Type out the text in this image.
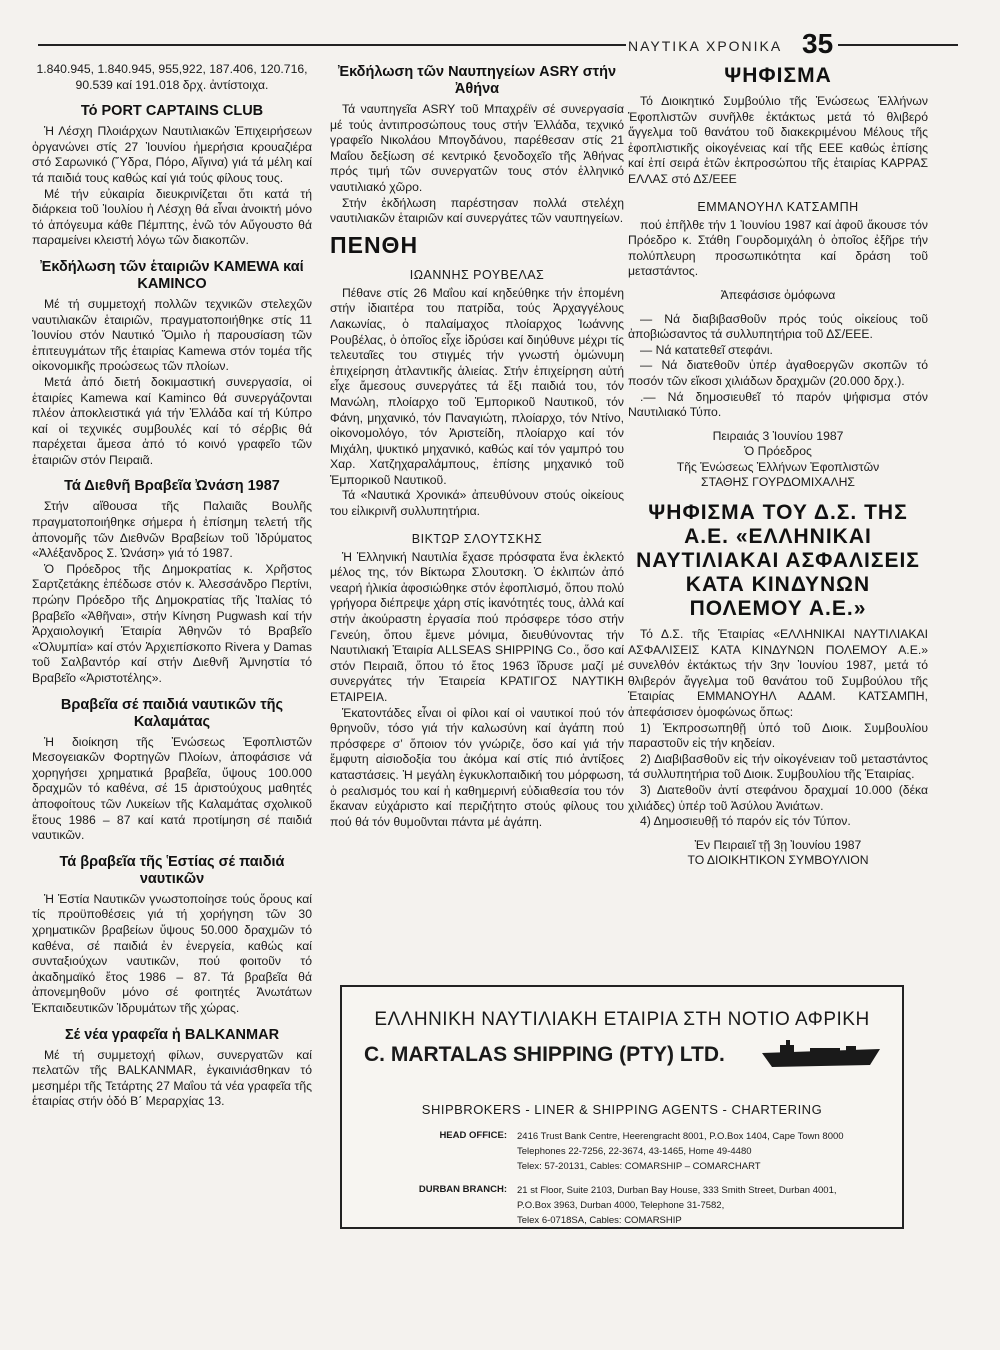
ΝΑΥΤΙΚΑ ΧΡΟΝΙΚΑ 35

1.840.945, 1.840.945, 955,922, 187.406, 120.716, 90.539 καί 191.018 δρχ. ἀντίστοιχα.

Τό PORT CAPTAINS CLUB

Ἡ Λέσχη Πλοιάρχων Ναυτιλιακῶν Ἐπιχειρήσεων ὀργανώνει στίς 27 Ἰουνίου ἡμερήσια κρουαζιέρα στό Σαρωνικό (Ὕδρα, Πόρο, Αἴγινα) γιά τά μέλη καί τά παιδιά τους καθώς καί γιά τούς φίλους τους.

Μέ τήν εὐκαιρία διευκρινίζεται ὅτι κατά τή διάρκεια τοῦ Ἰουλίου ἡ Λέσχη θά εἶναι ἀνοικτή μόνο τό ἀπόγευμα κάθε Πέμπτης, ἐνῶ τόν Αὔγουστο θά παραμείνει κλειστή λόγω τῶν διακοπῶν.

Ἐκδήλωση τῶν ἑταιριῶν KAMEWA καί KAMINCO

Μέ τή συμμετοχή πολλῶν τεχνικῶν στελεχῶν ναυτιλιακῶν ἑταιριῶν, πραγματοποιήθηκε στίς 11 Ἰουνίου στόν Ναυτικό Ὅμιλο ἡ παρουσίαση τῶν ἐπιτευγμάτων τῆς ἑταιρίας Kamewa στόν τομέα τῆς οἰκονομικῆς προώσεως τῶν πλοίων.

Μετά ἀπό διετή δοκιμαστική συνεργασία, οἱ ἑταιρίες Kamewa καί Kaminco θά συνεργάζονται πλέον ἀποκλειστικά γιά τήν Ἑλλάδα καί τή Κύπρο καί οἱ τεχνικές συμβουλές καί τό σέρβις θά παρέχεται ἄμεσα ἀπό τό κοινό γραφεῖο τῶν ἑταιριῶν στόν Πειραιᾶ.

Τά Διεθνῆ Βραβεῖα Ὠνάση 1987

Στήν αἴθουσα τῆς Παλαιᾶς Βουλῆς πραγματοποιήθηκε σήμερα ἡ ἐπίσημη τελετή τῆς ἀπονομῆς τῶν Διεθνῶν Βραβείων τοῦ Ἱδρύματος «Ἀλέξανδρος Σ. Ὠνάση» γιά τό 1987.

Ὁ Πρόεδρος τῆς Δημοκρατίας κ. Χρῆστος Σαρτζετάκης ἐπέδωσε στόν κ. Ἀλεσσάνδρο Περτίνι, πρώην Πρόεδρο τῆς Δημοκρατίας τῆς Ἰταλίας τό βραβεῖο «Ἀθῆναι», στήν Κίνηση Pugwash καί τήν Ἀρχαιολογική Ἑταιρία Ἀθηνῶν τό Βραβεῖο «Ὀλυμπία» καί στόν Ἀρχιεπίσκοπο Rivera y Damas τοῦ Σαλβαντόρ καί στήν Διεθνῆ Ἀμνηστία τό Βραβεῖο «Ἀριστοτέλης».

Βραβεῖα σέ παιδιά ναυτικῶν τῆς Καλαμάτας

Ἡ διοίκηση τῆς Ἑνώσεως Ἐφοπλιστῶν Μεσογειακῶν Φορτηγῶν Πλοίων, ἀποφάσισε νά χορηγήσει χρηματικά βραβεῖα, ὕψους 100.000 δραχμῶν τό καθένα, σέ 15 ἀριστούχους μαθητές ἀποφοίτους τῶν Λυκείων τῆς Καλαμάτας σχολικοῦ ἔτους 1986 – 87 καί κατά προτίμηση σέ παιδιά ναυτικῶν.

Τά βραβεῖα τῆς Ἑστίας σέ παιδιά ναυτικῶν

Ἡ Ἑστία Ναυτικῶν γνωστοποίησε τούς ὅρους καί τίς προϋποθέσεις γιά τή χορήγηση τῶν 30 χρηματικῶν βραβείων ὕψους 50.000 δραχμῶν τό καθένα, σέ παιδιά ἐν ἐνεργεία, καθώς καί συνταξιούχων ναυτικῶν, πού φοιτοῦν τό ἀκαδημαϊκό ἔτος 1986 – 87. Τά βραβεῖα θά ἀπονεμηθοῦν μόνο σέ φοιτητές Ἀνωτάτων Ἐκπαιδευτικῶν Ἱδρυμάτων τῆς χώρας.

Σέ νέα γραφεῖα ἡ BALKANMAR

Μέ τή συμμετοχή φίλων, συνεργατῶν καί πελατῶν τῆς BALKANMAR, ἐγκαινιάσθηκαν τό μεσημέρι τῆς Τετάρτης 27 Μαΐου τά νέα γραφεῖα τῆς ἑταιρίας στήν ὁδό Β΄ Μεραρχίας 13.

Ἐκδήλωση τῶν Ναυπηγείων ASRY στήν Ἀθήνα

Τά ναυπηγεῖα ASRY τοῦ Μπαχρέϊν σέ συνεργασία μέ τούς ἀντιπροσώπους τους στήν Ἑλλάδα, τεχνικό γραφεῖο Νικολάου Μπογδάνου, παρέθεσαν στίς 21 Μαΐου δεξίωση σέ κεντρικό ξενοδοχεῖο τῆς Ἀθήνας πρός τιμή τῶν συνεργατῶν τους στόν ἑλληνικό ναυτιλιακό χῶρο.

Στήν ἐκδήλωση παρέστησαν πολλά στελέχη ναυτιλιακῶν ἑταιριῶν καί συνεργάτες τῶν ναυπηγείων.

ΠΕΝΘΗ
ΙΩΑΝΝΗΣ ΡΟΥΒΕΛΑΣ

Πέθανε στίς 26 Μαΐου καί κηδεύθηκε τήν ἑπομένη στήν ἰδιαιτέρα του πατρίδα, τούς Ἀρχαγγέλους Λακωνίας, ὁ παλαίμαχος πλοίαρχος Ἰωάννης Ρουβέλας, ὁ ὁποῖος εἶχε ἱδρύσει καί διηύθυνε μέχρι τίς τελευταῖες του στιγμές τήν γνωστή ὁμώνυμη ἐπιχείρηση ἀτλαντικῆς ἁλιείας. Στήν ἐπιχείρηση αὐτή εἶχε ἄμεσους συνεργάτες τά ἔξι παιδιά του, τόν Μανώλη, πλοίαρχο τοῦ Ἐμπορικοῦ Ναυτικοῦ, τόν Φάνη, μηχανικό, τόν Παναγιώτη, πλοίαρχο, τόν Ντίνο, οἰκονομολόγο, τόν Ἀριστείδη, πλοίαρχο καί τόν Μιχάλη, ψυκτικό μηχανικό, καθώς καί τόν γαμπρό του Χαρ. Χατζηχαραλάμπους, ἐπίσης μηχανικό τοῦ Ἐμπορικοῦ Ναυτικοῦ.

Τά «Ναυτικά Χρονικά» ἀπευθύνουν στούς οἰκείους του εἰλικρινῆ συλλυπητήρια.

ΒΙΚΤΩΡ ΣΛΟΥΤΣΚΗΣ

Ἡ Ἑλληνική Ναυτιλία ἔχασε πρόσφατα ἕνα ἐκλεκτό μέλος της, τόν Βίκτωρα Σλουτσκη. Ὁ ἐκλιπών ἀπό νεαρή ἡλικία ἀφοσιώθηκε στόν ἐφοπλισμό, ὅπου πολύ γρήγορα διέπρεψε χάρη στίς ἱκανότητές τους, ἀλλά καί στήν ἀκούραστη ἐργασία πού πρόσφερε τόσο στήν Γενεύη, ὅπου ἔμενε μόνιμα, διευθύνοντας τήν Ναυτιλιακή Ἑταιρία ALLSEAS SHIPPING Co., ὅσο καί στόν Πειραιᾶ, ὅπου τό ἔτος 1963 ἵδρυσε μαζί μέ συνεργάτες τήν Ἑταιρεία ΚΡΑΤΙΓΟΣ ΝΑΥΤΙΚΗ ΕΤΑΙΡΕΙΑ.

Ἑκατοντάδες εἶναι οἱ φίλοι καί οἱ ναυτικοί πού τόν θρηνοῦν, τόσο γιά τήν καλωσύνη καί ἀγάπη πού πρόσφερε σ’ ὅποιον τόν γνώριζε, ὅσο καί γιά τήν ἔμφυτη αἰσιοδοξία του ἀκόμα καί στίς πιό ἀντίξοες καταστάσεις. Ἡ μεγάλη ἐγκυκλοπαιδική του μόρφωση, ὁ ρεαλισμός του καί ἡ καθημερινή εὐδιαθεσία του τόν ἔκαναν εὐχάριστο καί περιζήτητο στούς φίλους του πού θά τόν θυμοῦνται πάντα μέ ἀγάπη.

ΨΗΦΙΣΜΑ

Τό Διοικητικό Συμβούλιο τῆς Ἑνώσεως Ἑλλήνων Ἐφοπλιστῶν συνῆλθε ἐκτάκτως μετά τό θλιβερό ἄγγελμα τοῦ θανάτου τοῦ διακεκριμένου Μέλους τῆς ἐφοπλιστικῆς οἰκογένειας καί τῆς ΕΕΕ καθώς ἐπίσης καί ἐπί σειρά ἐτῶν ἐκπροσώπου τῆς ἑταιρίας ΚΑΡΡΑΣ ΕΛΛΑΣ στό ΔΣ/ΕΕΕ

ΕΜΜΑΝΟΥΗΛ ΚΑΤΣΑΜΠΗ

πού ἐπῆλθε τήν 1 Ἰουνίου 1987 καί ἀφοῦ ἄκουσε τόν Πρόεδρο κ. Στάθη Γουρδομιχάλη ὁ ὁποῖος ἐξῆρε τήν πολύπλευρη προσωπικότητα καί δράση τοῦ μεταστάντος.

Ἀπεφάσισε ὁμόφωνα

— Νά διαβιβασθοῦν πρός τούς οἰκείους τοῦ ἀποβιώσαντος τά συλλυπητήρια τοῦ ΔΣ/ΕΕΕ.

— Νά κατατεθεῖ στεφάνι.

— Νά διατεθοῦν ὑπέρ ἀγαθοεργῶν σκοπῶν τό ποσόν τῶν εἴκοσι χιλιάδων δραχμῶν (20.000 δρχ.).

.— Νά δημοσιευθεῖ τό παρόν ψήφισμα στόν Ναυτιλιακό Τύπο.

Πειραιάς 3 Ἰουνίου 1987

Ὁ Πρόεδρος

Τῆς Ἑνώσεως Ἑλλήνων Ἐφοπλιστῶν

ΣΤΑΘΗΣ ΓΟΥΡΔΟΜΙΧΑΛΗΣ

ΨΗΦΙΣΜΑ ΤΟΥ Δ.Σ. ΤΗΣ Α.Ε. «ΕΛΛΗΝΙΚΑΙ ΝΑΥΤΙΛΙΑΚΑΙ ΑΣΦΑΛΙΣΕΙΣ ΚΑΤΑ ΚΙΝΔΥΝΩΝ ΠΟΛΕΜΟΥ Α.Ε.»

Τό Δ.Σ. τῆς Ἑταιρίας «ΕΛΛΗΝΙΚΑΙ ΝΑΥΤΙΛΙΑΚΑΙ ΑΣΦΑΛΙΣΕΙΣ ΚΑΤΑ ΚΙΝΔΥΝΩΝ ΠΟΛΕΜΟΥ Α.Ε.» συνελθόν ἐκτάκτως τήν 3ην Ἰουνίου 1987, μετά τό θλιβερόν ἄγγελμα τοῦ θανάτου τοῦ Συμβούλου τῆς Ἑταιρίας ΕΜΜΑΝΟΥΗΛ ΑΔΑΜ. ΚΑΤΣΑΜΠΗ, ἀπεφάσισεν ὁμοφώνως ὅπως:

1) Ἐκπροσωπηθῇ ὑπό τοῦ Διοικ. Συμβουλίου παραστοῦν εἰς τήν κηδείαν.

2) Διαβιβασθοῦν εἰς τήν οἰκογένειαν τοῦ μεταστάντος τά συλλυπητήρια τοῦ Διοικ. Συμβουλίου τῆς Ἑταιρίας.

3) Διατεθοῦν ἀντί στεφάνου δραχμαί 10.000 (δέκα χιλιάδες) ὑπέρ τοῦ Ἀσύλου Ἀνιάτων.

4) Δημοσιευθῇ τό παρόν εἰς τόν Τύπον.

Ἐν Πειραιεῖ τῇ 3ῃ Ἰουνίου 1987

ΤΟ ΔΙΟΙΚΗΤΙΚΟΝ ΣΥΜΒΟΥΛΙΟΝ

ΕΛΛΗΝΙΚΗ ΝΑΥΤΙΛΙΑΚΗ ΕΤΑΙΡΙΑ ΣΤΗ ΝΟΤΙΟ ΑΦΡΙΚΗ
C. MARTALAS SHIPPING (PTY) LTD.
SHIPBROKERS - LINER & SHIPPING AGENTS - CHARTERING
HEAD OFFICE: 2416 Trust Bank Centre, Heerengracht 8001, P.O.Box 1404, Cape Town 8000
Telephones 22-7256, 22-3674, 43-1465, Home 49-4480
Telex: 57-20131, Cables: COMARSHIP – COMARCHART
DURBAN BRANCH: 21 st Floor, Suite 2103, Durban Bay House, 333 Smith Street, Durban 4001,
P.O.Box 3963, Durban 4000, Telephone 31-7582,
Telex 6-0718SA, Cables: COMARSHIP
